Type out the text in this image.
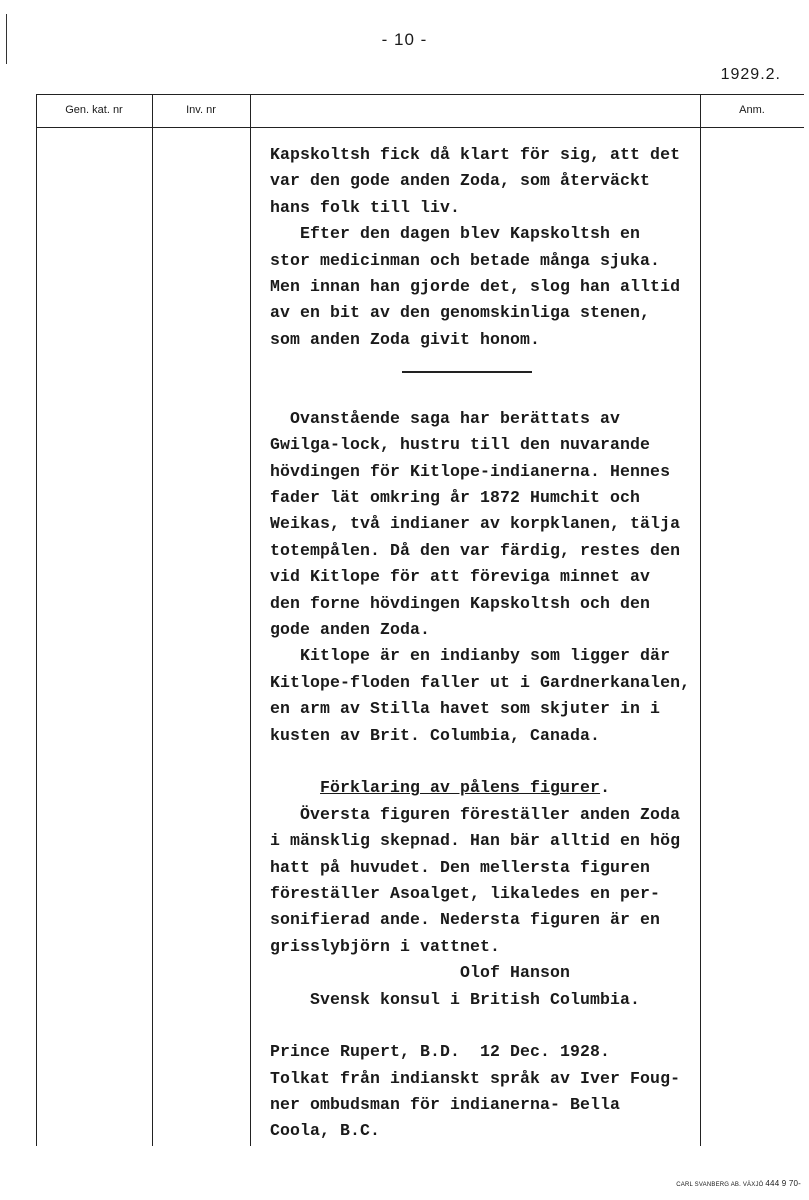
- 10 -
1929.2.
Gen. kat. nr	Inv. nr	Anm.
Kapskoltsh fick då klart för sig, att det
var den gode anden Zoda, som återväckt
hans folk till liv.
Efter den dagen blev Kapskoltsh en
stor medicinman och betade många sjuka.
Men innan han gjorde det, slog han alltid
av en bit av den genomskinliga stenen,
som anden Zoda givit honom.

Ovanstående saga har berättats av
Gwilga-lock, hustru till den nuvarande
hövdingen för Kitlope-indianerna. Hennes
fader lät omkring år 1872 Humchit och
Weikas, två indianer av korpklanen, tälja
totempålen. Då den var färdig, restes den
vid Kitlope för att föreviga minnet av
den forne hövdingen Kapskoltsh och den
gode anden Zoda.
Kitlope är en indianby som ligger där
Kitlope-floden faller ut i Gardnerkanalen,
en arm av Stilla havet som skjuter in i
kusten av Brit. Columbia, Canada.

Förklaring av pålens figurer.
Översta figuren föreställer anden Zoda
i mänsklig skepnad. Han bär alltid en hög
hatt på huvudet. Den mellersta figuren
föreställer Asoalget, likaledes en per-
sonifierad ande. Nedersta figuren är en
grisslybjörn i vattnet.
Olof Hanson
Svensk konsul i British Columbia.

Prince Rupert, B.D.  12 Dec. 1928.
Tolkat från indianskt språk av Iver Foug-
ner ombudsman för indianerna- Bella
Coola, B.C.
CARL SVANBERG AB. VÄXJÖ 444 9 70-
